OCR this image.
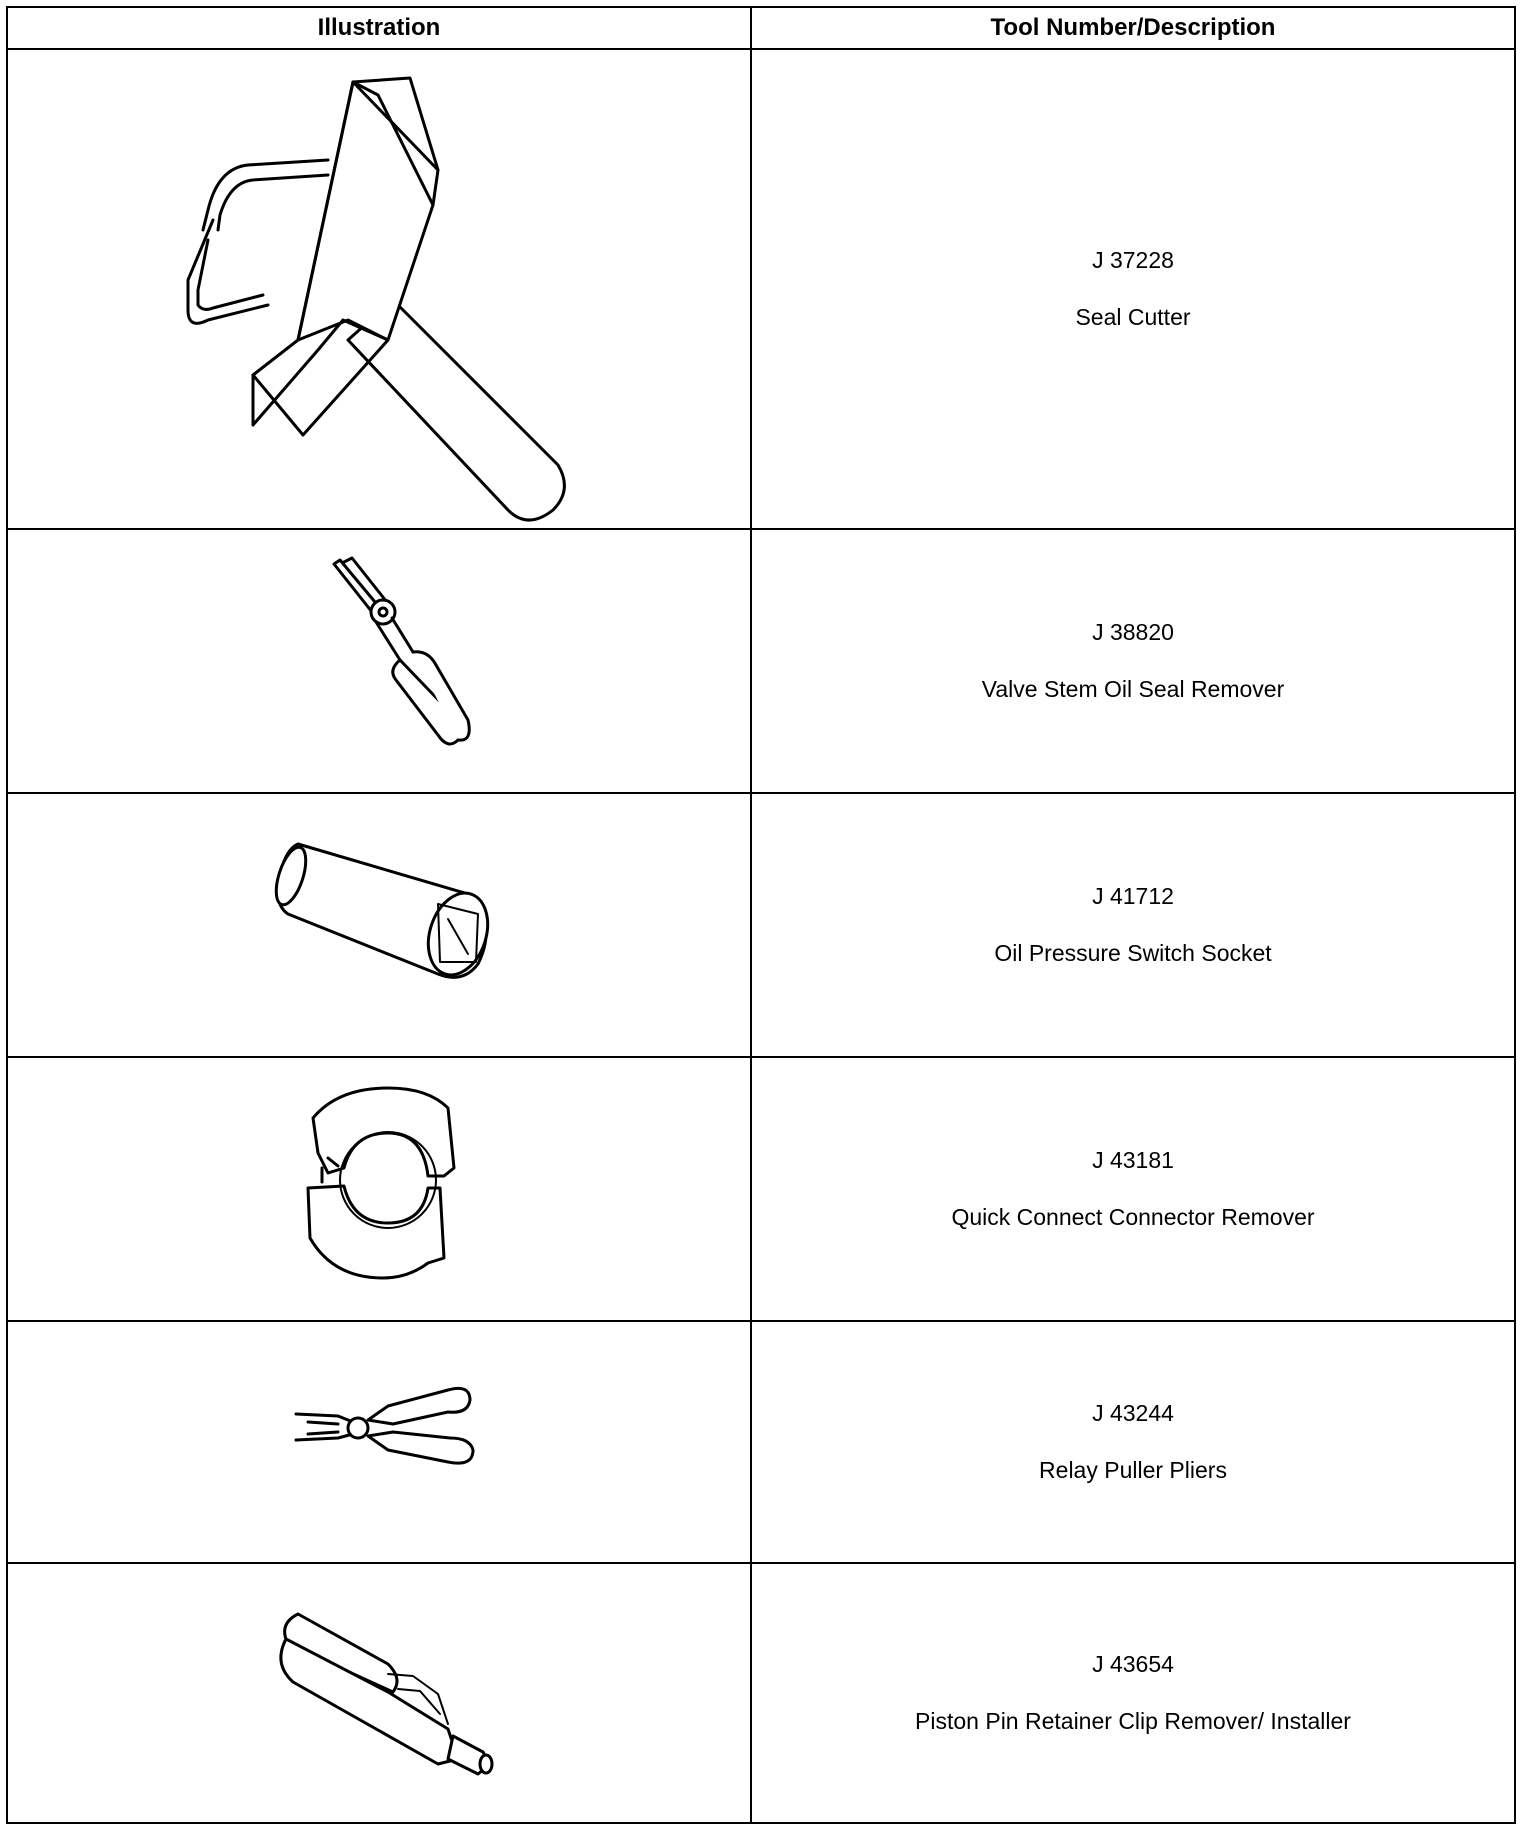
Illustration	Tool Number/Description

J 37228
Seal Cutter

J 38820
Valve Stem Oil Seal Remover

J 41712
Oil Pressure Switch Socket

J 43181
Quick Connect Connector Remover

J 43244
Relay Puller Pliers

J 43654
Piston Pin Retainer Clip Remover/ Installer
